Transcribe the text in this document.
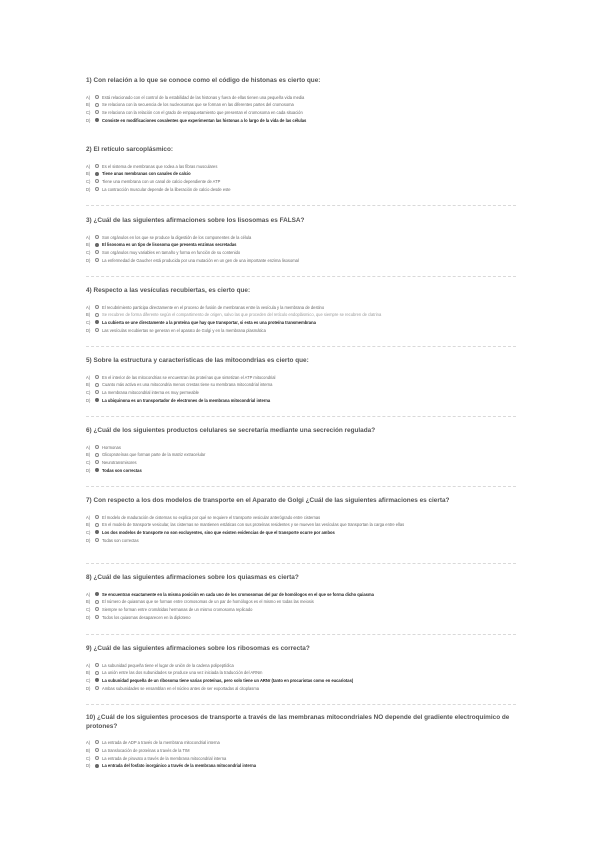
1) Con relación a lo que se conoce como el código de histonas es cierto que:
A)	Está relacionado con el control de la estabilidad de las histonas y fuera de ellas tienen una pequeña vida media
B)	Se relaciona con la secuencia de los nucleosomas que se forman en las diferentes partes del cromosoma
C)	Se relaciona con la relación con el grado de empaquetamiento que presentan el cromosoma en cada situación
D)	Consiste en modificaciones covalentes que experimentan las histonas a lo largo de la vida de las células
2) El retículo sarcoplásmico:
A)	Es el sistema de membranas que rodea a las fibras musculares
B)	Tiene unas membranas con canales de calcio
C)	Tiene una membrana con un canal de calcio dependiente de ATP
D)	La contracción muscular depende de la liberación de calcio desde este
3) ¿Cuál de las siguientes afirmaciones sobre los lisosomas es FALSA?
A)	Son orgánulos en los que se produce la digestión de los componentes de la célula
B)	El lisosoma es un tipo de lisosoma que presenta enzimas secretadas
C)	Son orgánulos muy variables en tamaño y forma en función de su contenido
D)	La enfermedad de Gaucher está producida por una mutación en un gen de una importante enzima lisosomal
4) Respecto a las vesículas recubiertas, es cierto que:
A)	El recubrimiento participa directamente en el proceso de fusión de membranas entre la vesícula y la membrana de destino
B)	Se recubren de forma diferente según el compartimento de origen, salvo las que proceden del retículo endoplásmico, que siempre se recubren de clatrina
C)	La cubierta se une directamente a la proteína que hay que transportar, si esta es una proteína transmembrana
D)	Las vesículas recubiertas se generan en el aparato de Golgi y en la membrana plasmática
5) Sobre la estructura y características de las mitocondrias es cierto que:
A)	En el interior de las mitocondrias se encuentran las proteínas que sintetizan el ATP mitocondrial
B)	Cuanto más activa es una mitocondria menos crestas tiene su membrana mitocondrial interna
C)	La membrana mitocondrial interna es muy permeable
D)	La ubiquinona es un transportador de electrones de la membrana mitocondrial interna
6) ¿Cuál de los siguientes productos celulares se secretaría mediante una secreción regulada?
A)	Hormonas
B)	Glicoproteínas que forman parte de la matriz extracelular
C)	Neurotransmisores
D)	Todas son correctas
7) Con respecto a los dos modelos de transporte en el Aparato de Golgi ¿Cuál de las siguientes afirmaciones es cierta?
A)	El modelo de maduración de cisternas no explica por qué se requiere el transporte vesicular anterógrado entre cisternas
B)	En el modelo de transporte vesicular, las cisternas se mantienen estáticas con sus proteínas residentes y se mueven las vesículas que transportan la carga entre ellas
C)	Los dos modelos de transporte no son excluyentes, sino que existen evidencias de que el transporte ocurre por ambos
D)	Todas son correctas
8) ¿Cuál de las siguientes afirmaciones sobre los quiasmas es cierta?
A)	Se encuentran exactamente en la misma posición en cada uno de los cromosomas del par de homólogos en el que se forma dicho quiasma
B)	El número de quiasmas que se forman entre cromosomas de un par de homólogos es el mismo en todas las meiosis
C)	Siempre se forman entre cromátidas hermanas de un mismo cromosoma replicado
D)	Todos los quiasmas desaparecen en la diploteno
9) ¿Cuál de las siguientes afirmaciones sobre los ribosomas es correcta?
A)	La subunidad pequeña tiene el lugar de unión de la cadena polipeptídica
B)	La unión entre las dos subunidades se produce una vez iniciada la traducción del ARNm
C)	La subunidad pequeña de un ribosoma tiene varias proteínas, pero solo tiene un ARNr (tanto en procariotas como en eucariotas)
D)	Ambas subunidades se ensamblan en el núcleo antes de ser exportadas al citoplasma
10) ¿Cuál de los siguientes procesos de transporte a través de las membranas mitocondriales NO depende del gradiente electroquímico de protones?
A)	La entrada de ADP a través de la membrana mitocondrial interna
B)	La translocación de proteínas a través de la TIM
C)	La entrada de piruvato a través de la membrana mitocondrial interna
D)	La entrada del fosfato inorgánico a través de la membrana mitocondrial interna
